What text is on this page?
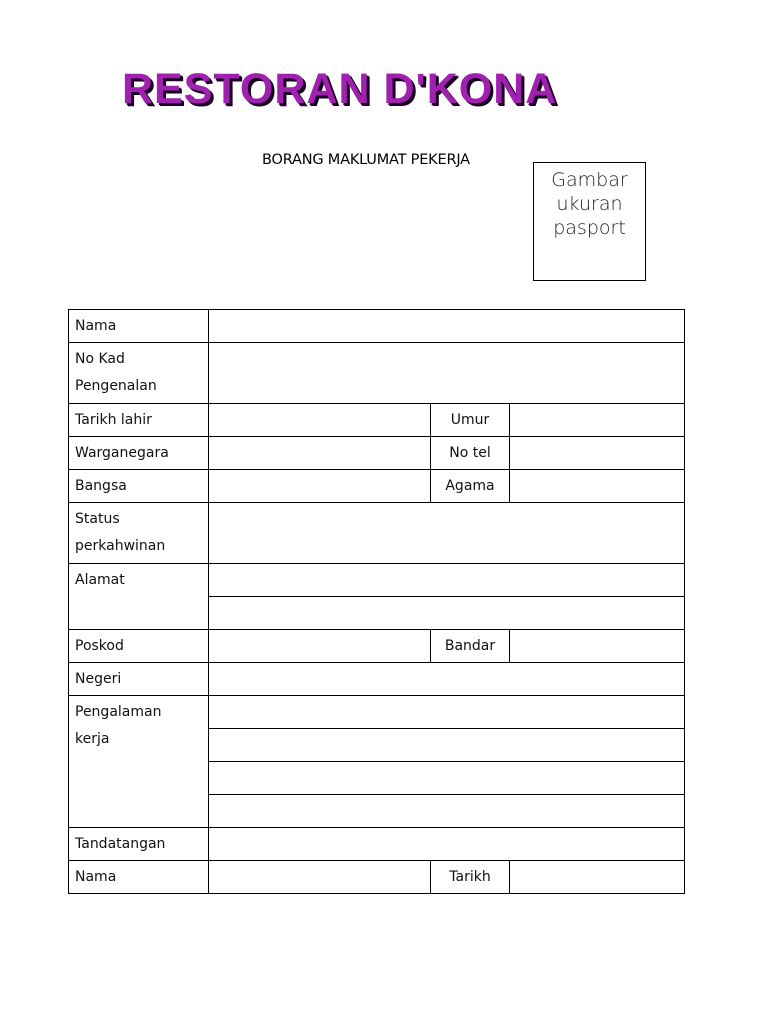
RESTORAN D'KONA
BORANG MAKLUMAT PEKERJA
Gambar
ukuran
pasport
Nama			
No Kad
Pengenalan			
Tarikh lahir		Umur	
Warganegara		No tel	
Bangsa		Agama	
Status
perkahwinan			
Alamat			

Poskod		Bandar	
Negeri			
Pengalaman
kerja			

Tandatangan			
Nama		Tarikh	
